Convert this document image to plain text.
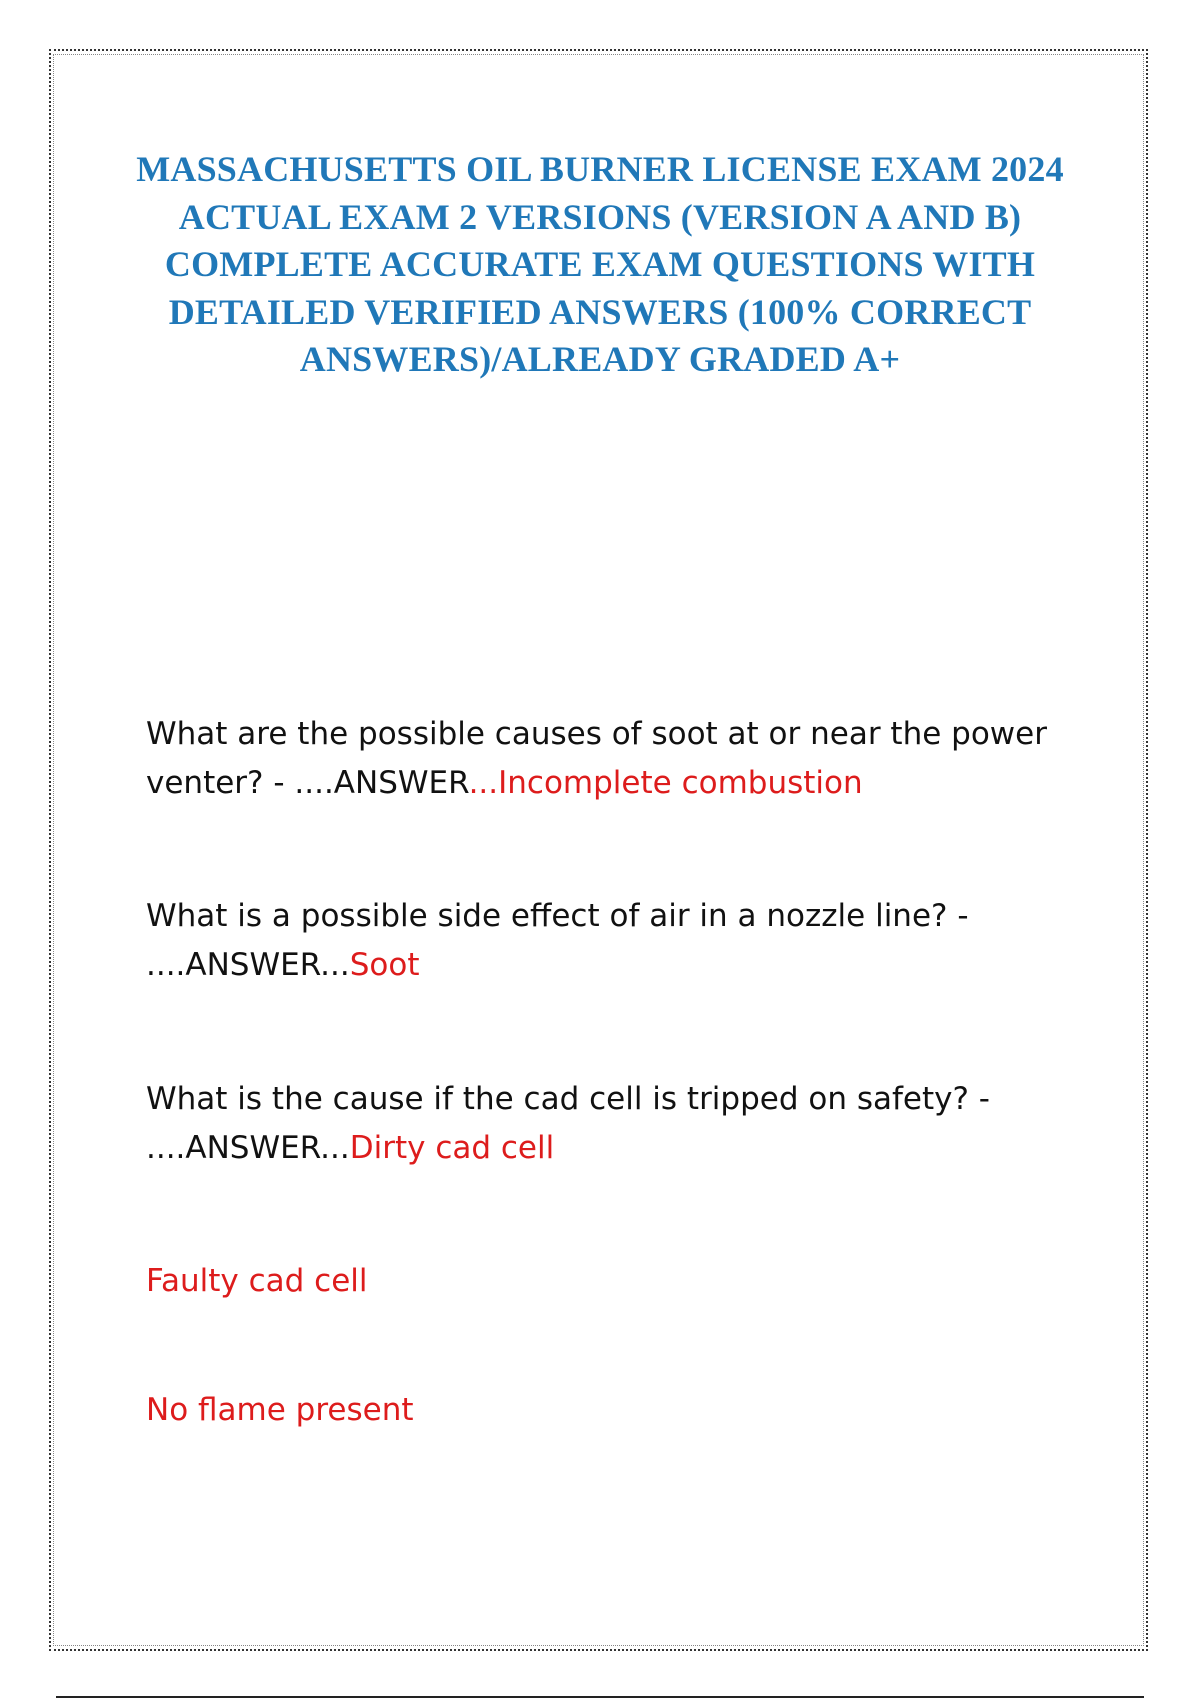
MASSACHUSETTS OIL BURNER LICENSE EXAM 2024 ACTUAL EXAM 2 VERSIONS (VERSION A AND B) COMPLETE ACCURATE EXAM QUESTIONS WITH DETAILED VERIFIED ANSWERS (100% CORRECT ANSWERS)/ALREADY GRADED A+

What are the possible causes of soot at or near the power venter? - ....ANSWER...Incomplete combustion

What is a possible side effect of air in a nozzle line? - ....ANSWER...Soot

What is the cause if the cad cell is tripped on safety? - ....ANSWER...Dirty cad cell

Faulty cad cell

No flame present
